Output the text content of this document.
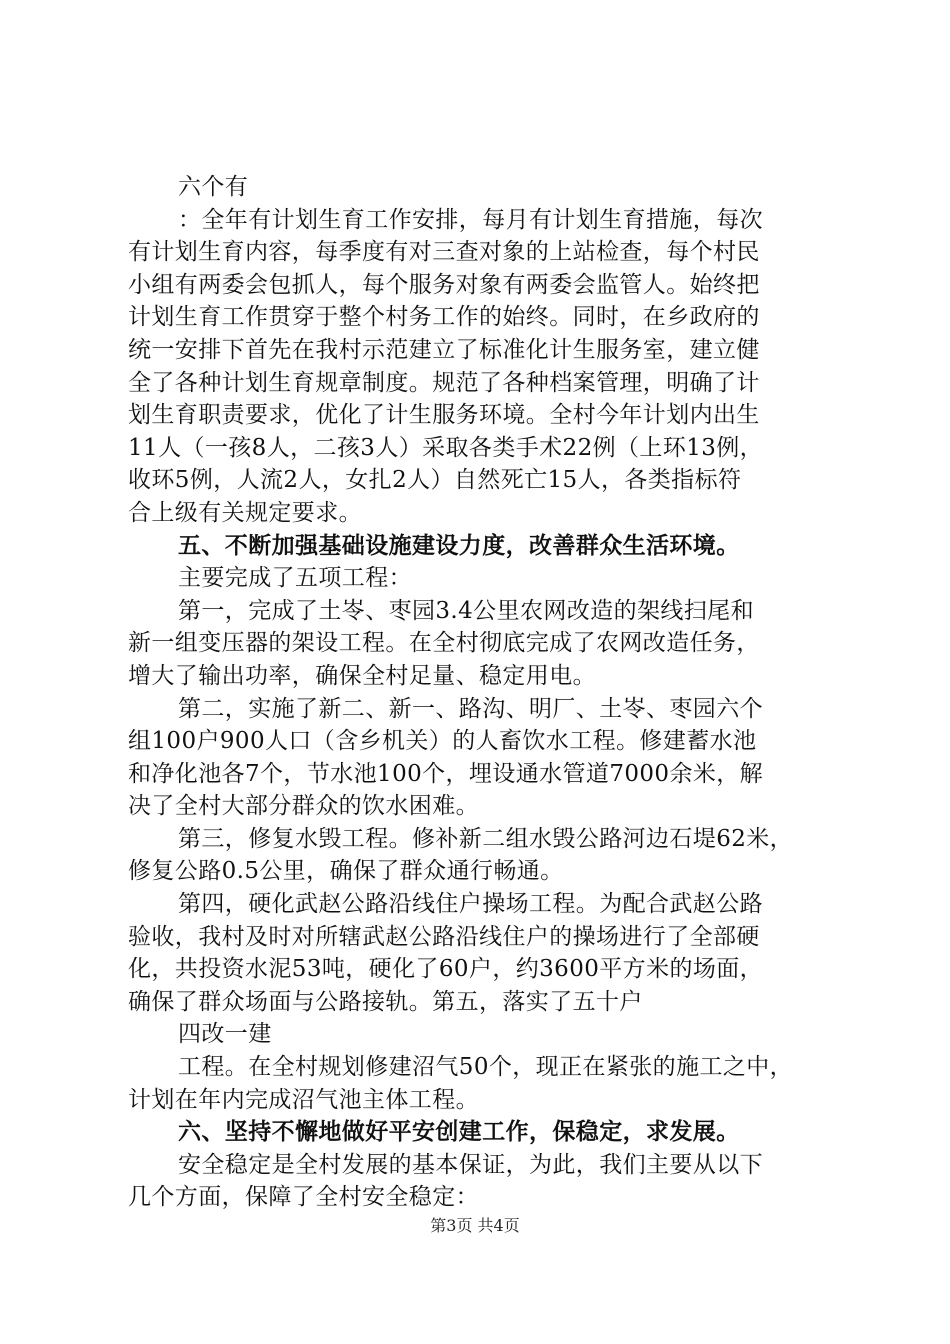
六个有
：全年有计划生育工作安排，每月有计划生育措施，每次
有计划生育内容，每季度有对三查对象的上站检查，每个村民
小组有两委会包抓人，每个服务对象有两委会监管人。始终把
计划生育工作贯穿于整个村务工作的始终。同时，在乡政府的
统一安排下首先在我村示范建立了标准化计生服务室，建立健
全了各种计划生育规章制度。规范了各种档案管理，明确了计
划生育职责要求，优化了计生服务环境。全村今年计划内出生
11人（一孩8人，二孩3人）采取各类手术22例（上环13例，
收环5例，人流2人，女扎2人）自然死亡15人，各类指标符
合上级有关规定要求。
五、不断加强基础设施建设力度，改善群众生活环境。
主要完成了五项工程：
第一，完成了土岺、枣园3.4公里农网改造的架线扫尾和
新一组变压器的架设工程。在全村彻底完成了农网改造任务，
增大了输出功率，确保全村足量、稳定用电。
第二，实施了新二、新一、路沟、明厂、土岺、枣园六个
组100户900人口（含乡机关）的人畜饮水工程。修建蓄水池
和净化池各7个，节水池100个，埋设通水管道7000余米，解
决了全村大部分群众的饮水困难。
第三，修复水毁工程。修补新二组水毁公路河边石堤62米，
修复公路0.5公里，确保了群众通行畅通。
第四，硬化武赵公路沿线住户操场工程。为配合武赵公路
验收，我村及时对所辖武赵公路沿线住户的操场进行了全部硬
化，共投资水泥53吨，硬化了60户，约3600平方米的场面，
确保了群众场面与公路接轨。第五，落实了五十户
四改一建
工程。在全村规划修建沼气50个，现正在紧张的施工之中，
计划在年内完成沼气池主体工程。
六、坚持不懈地做好平安创建工作，保稳定，求发展。
安全稳定是全村发展的基本保证，为此，我们主要从以下
几个方面，保障了全村安全稳定：
第3页 共4页
